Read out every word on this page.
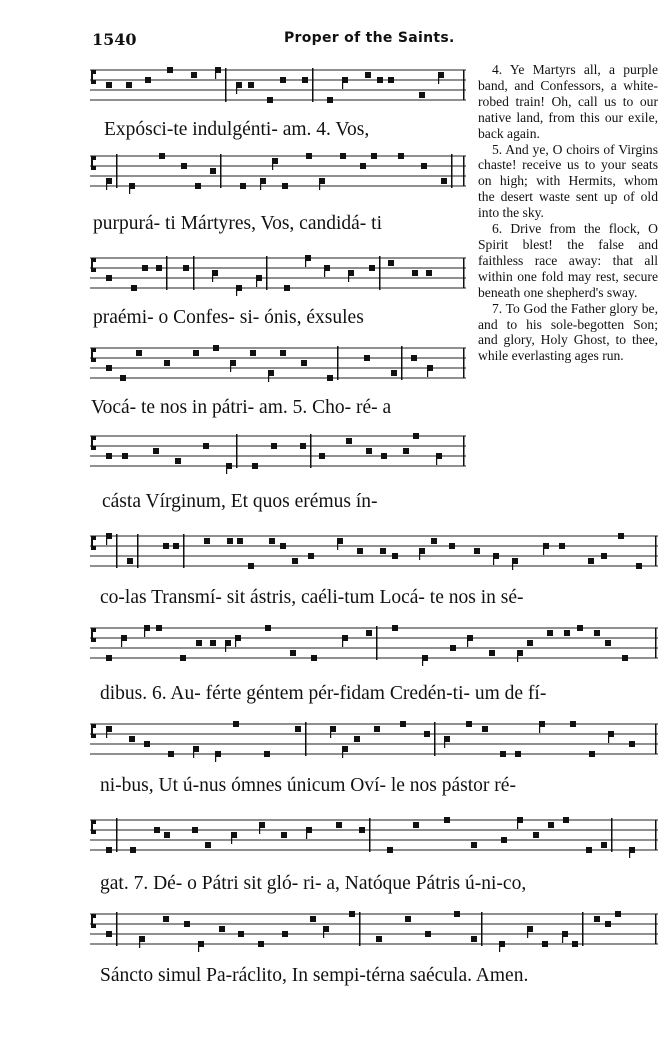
1540	Proper of the Saints.
Expósci-te indulgénti- am. 4. Vos,
purpurá- ti Mártyres, Vos, candidá- ti
praémi- o Confes- si- ónis, éxsules
Vocá- te nos in pátri- am. 5. Cho- ré- a
cásta Vírginum, Et quos erémus ín-
co-las Transmí- sit ástris, caéli-tum Locá- te nos in sé-
dibus. 6. Au- férte géntem pér-fidam Credén-ti- um de fí-
ni-bus, Ut ú-nus ómnes únicum Oví- le nos pástor ré-
gat. 7. Dé- o Pátri sit gló- ri- a, Natóque Pátris ú-ni-co,
Sáncto simul Pa-ráclito, In sempi-térna saécula. Amen.

4. Ye Martyrs all, a purple band, and Confessors, a white-robed train! Oh, call us to our native land, from this our exile, back again.

5. And ye, O choirs of Virgins chaste! receive us to your seats on high; with Hermits, whom the desert waste sent up of old into the sky.

6. Drive from the flock, O Spirit blest! the false and faithless race away: that all within one fold may rest, secure beneath one shepherd's sway.

7. To God the Father glory be, and to his sole-begotten Son; and glory, Holy Ghost, to thee, while everlasting ages run.
